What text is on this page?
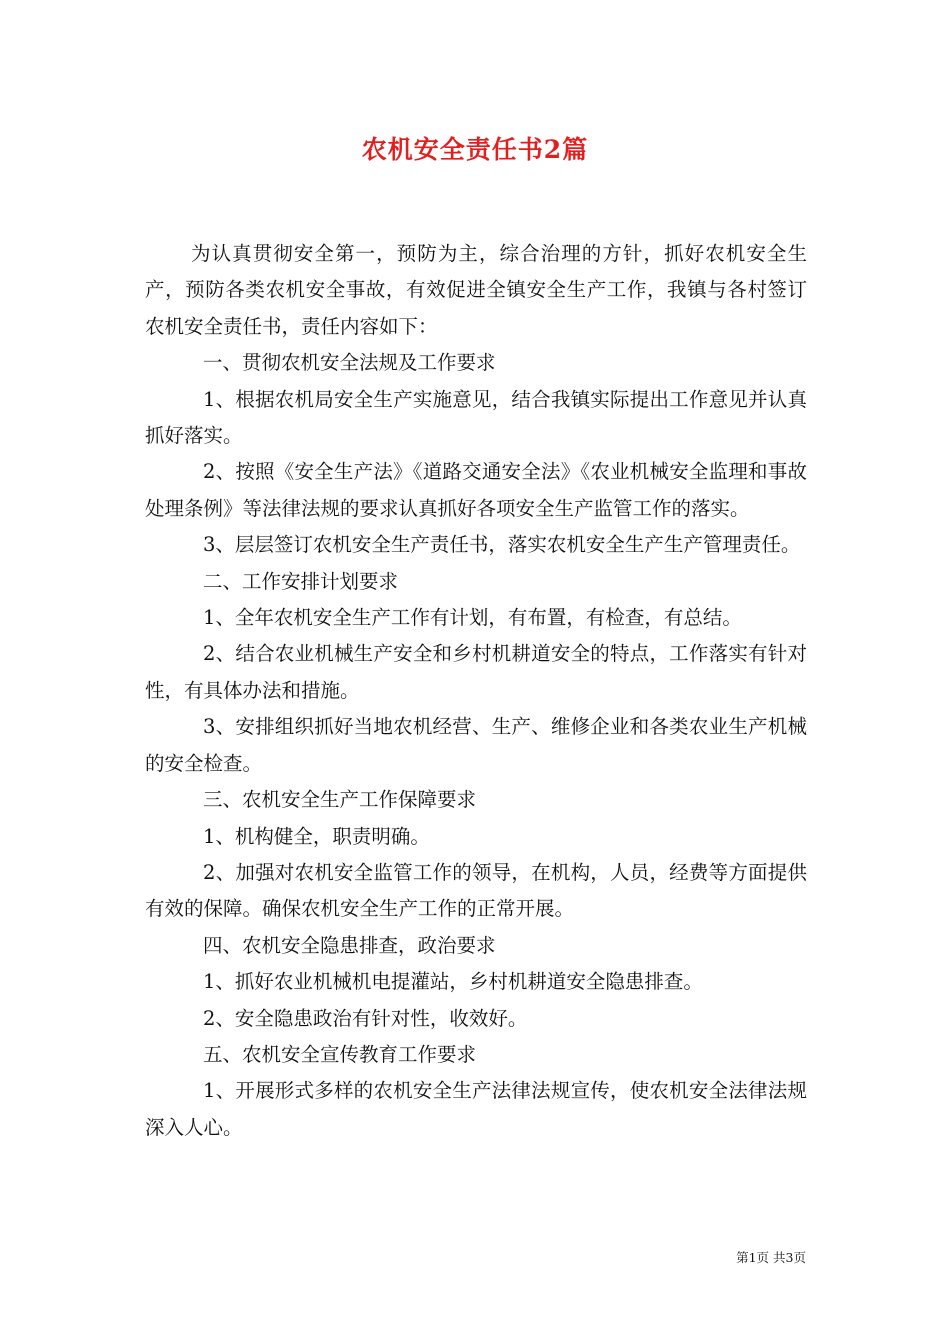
农机安全责任书2篇

为认真贯彻安全第一，预防为主，综合治理的方针，抓好农机安全生产，预防各类农机安全事故，有效促进全镇安全生产工作，我镇与各村签订农机安全责任书，责任内容如下：

一、贯彻农机安全法规及工作要求

1、根据农机局安全生产实施意见，结合我镇实际提出工作意见并认真抓好落实。

2、按照《安全生产法》《道路交通安全法》《农业机械安全监理和事故处理条例》等法律法规的要求认真抓好各项安全生产监管工作的落实。

3、层层签订农机安全生产责任书，落实农机安全生产生产管理责任。

二、工作安排计划要求

1、全年农机安全生产工作有计划，有布置，有检查，有总结。

2、结合农业机械生产安全和乡村机耕道安全的特点，工作落实有针对性，有具体办法和措施。

3、安排组织抓好当地农机经营、生产、维修企业和各类农业生产机械的安全检查。

三、农机安全生产工作保障要求

1、机构健全，职责明确。

2、加强对农机安全监管工作的领导，在机构，人员，经费等方面提供有效的保障。确保农机安全生产工作的正常开展。

四、农机安全隐患排查，政治要求

1、抓好农业机械机电提灌站，乡村机耕道安全隐患排查。

2、安全隐患政治有针对性，收效好。

五、农机安全宣传教育工作要求

1、开展形式多样的农机安全生产法律法规宣传，使农机安全法律法规深入人心。

第1页 共3页
